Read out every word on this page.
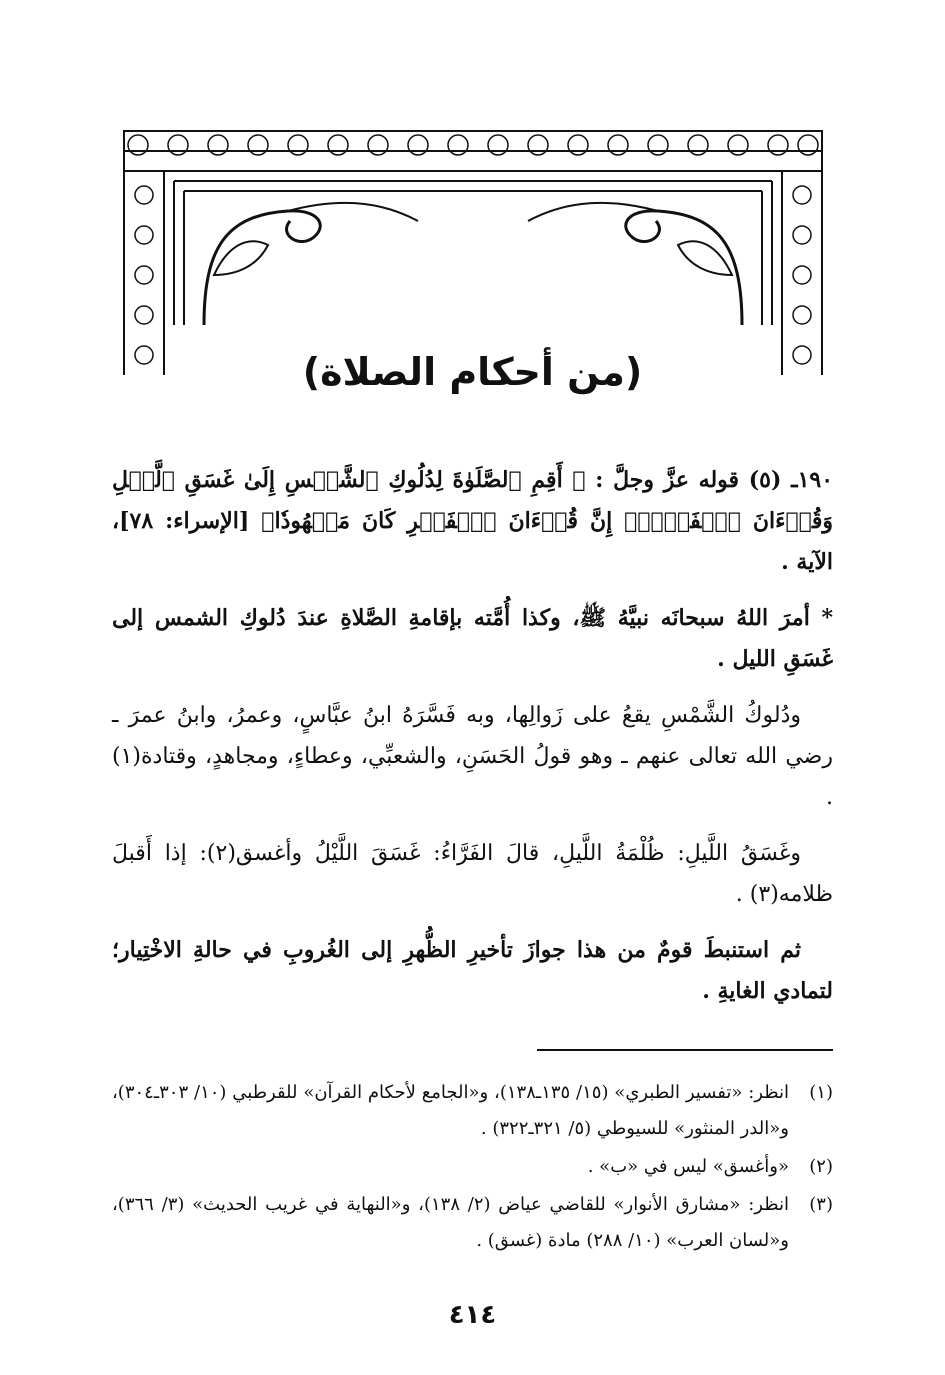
(من أحكام الصلاة)

١٩٠ـ (٥) قوله عزَّ وجلَّ : ﴿ أَقِمِ ٱلصَّلَوٰةَ لِدُلُوكِ ٱلشَّمۡسِ إِلَىٰ غَسَقِ ٱلَّيۡلِ وَقُرۡءَانَ ٱلۡفَجۡرِۖ إِنَّ قُرۡءَانَ ٱلۡفَجۡرِ كَانَ مَشۡهُودٗا﴾ [الإسراء: ٧٨]، الآية .

* أمرَ اللهُ سبحانَه نبيَّهُ ﷺ، وكذا أُمَّته بإقامةِ الصَّلاةِ عندَ دُلوكِ الشمس إلى غَسَقِ الليل .

ودُلوكُ الشَّمْسِ يقعُ على زَوالِها، وبه فَسَّرَهُ ابنُ عبَّاسٍ، وعمرُ، وابنُ عمرَ ـ رضي الله تعالى عنهم ـ وهو قولُ الحَسَنِ، والشعبِّي، وعطاءٍ، ومجاهدٍ، وقتادة(١) .

وغَسَقُ اللَّيلِ: ظُلْمَةُ اللَّيلِ، قالَ الفَرَّاءُ: غَسَقَ اللَّيْلُ وأغسق(٢): إذا أَقبلَ ظلامه(٣) .

ثم استنبطَ قومٌ من هذا جوازَ تأخيرِ الظُّهرِ إلى الغُروبِ في حالةِ الاخْتِيار؛ لتمادي الغايةِ .

(١)
انظر: «تفسير الطبري» (١٥/ ١٣٥ـ١٣٨)، و«الجامع لأحكام القرآن» للقرطبي (١٠/ ٣٠٣ـ٣٠٤)، و«الدر المنثور» للسيوطي (٥/ ٣٢١ـ٣٢٢) .
(٢)
«وأغسق» ليس في «ب» .
(٣)
انظر: «مشارق الأنوار» للقاضي عياض (٢/ ١٣٨)، و«النهاية في غريب الحديث» (٣/ ٣٦٦)، و«لسان العرب» (١٠/ ٢٨٨) مادة (غسق) .
٤١٤
